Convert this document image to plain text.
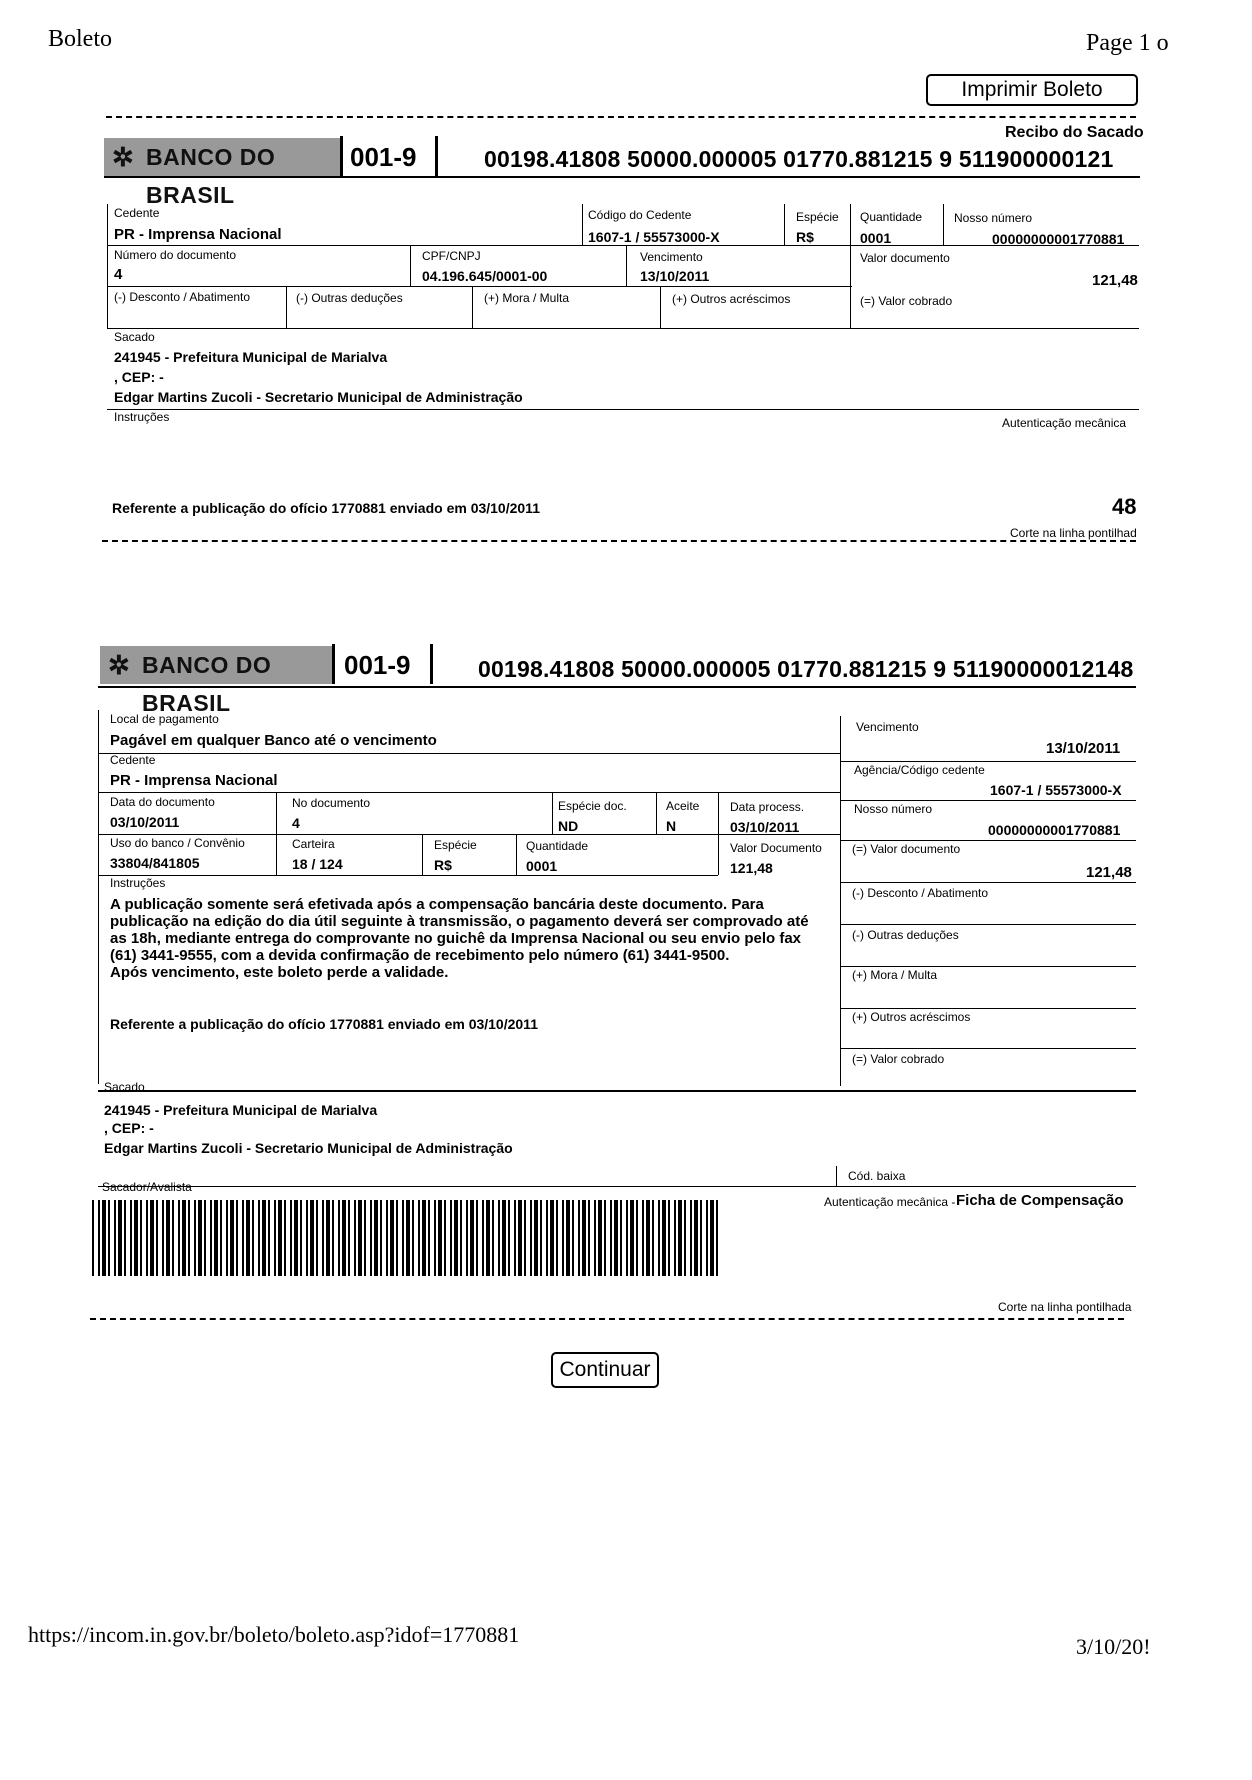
Boleto	Page 1 o
Imprimir Boleto
Recibo do Sacado
✲ BANCO DO BRASIL
001-9	00198.41808 50000.000005 01770.881215 9 511900000121
Cedente
PR - Imprensa Nacional
Código do Cedente
1607-1 / 55573000-X
Espécie
R$
Quantidade
0001
Nosso número
00000000001770881
Número do documento
4
CPF/CNPJ
04.196.645/0001-00
Vencimento
13/10/2011
Valor documento
121,48
(-) Desconto / Abatimento	(-) Outras deduções	(+) Mora / Multa	(+) Outros acréscimos	(=) Valor cobrado
Sacado
241945 - Prefeitura Municipal de Marialva
, CEP: -
Edgar Martins Zucoli - Secretario Municipal de Administração
Instruções	Autenticação mecânica
Referente a publicação do ofício 1770881 enviado em 03/10/2011	48
Corte na linha pontilhad
✲ BANCO DO BRASIL
001-9	00198.41808 50000.000005 01770.881215 9 51190000012148
Local de pagamento
Pagável em qualquer Banco até o vencimento
Vencimento
13/10/2011
Cedente
PR - Imprensa Nacional
Agência/Código cedente
1607-1 / 55573000-X
Data do documento
03/10/2011
No documento
4
Espécie doc.
ND
Aceite
N
Data process.
03/10/2011
Nosso número
00000000001770881
Uso do banco / Convênio
33804/841805
Carteira
18 / 124
Espécie
R$
Quantidade
0001
Valor Documento
121,48
(=) Valor documento
121,48
Instruções
A publicação somente será efetivada após a compensação bancária deste documento. Para
publicação na edição do dia útil seguinte à transmissão, o pagamento deverá ser comprovado até
as 18h, mediante entrega do comprovante no guichê da Imprensa Nacional ou seu envio pelo fax
(61) 3441-9555, com a devida confirmação de recebimento pelo número (61) 3441-9500.
Após vencimento, este boleto perde a validade.
Referente a publicação do ofício 1770881 enviado em 03/10/2011
(-) Desconto / Abatimento
(-) Outras deduções
(+) Mora / Multa
(+) Outros acréscimos
(=) Valor cobrado
Sacado
241945 - Prefeitura Municipal de Marialva
, CEP: -
Edgar Martins Zucoli - Secretario Municipal de Administração
Cód. baixa
Sacador/Avalista
Autenticação mecânica - Ficha de Compensação
Corte na linha pontilhada
Continuar
https://incom.in.gov.br/boleto/boleto.asp?idof=1770881	3/10/20!
